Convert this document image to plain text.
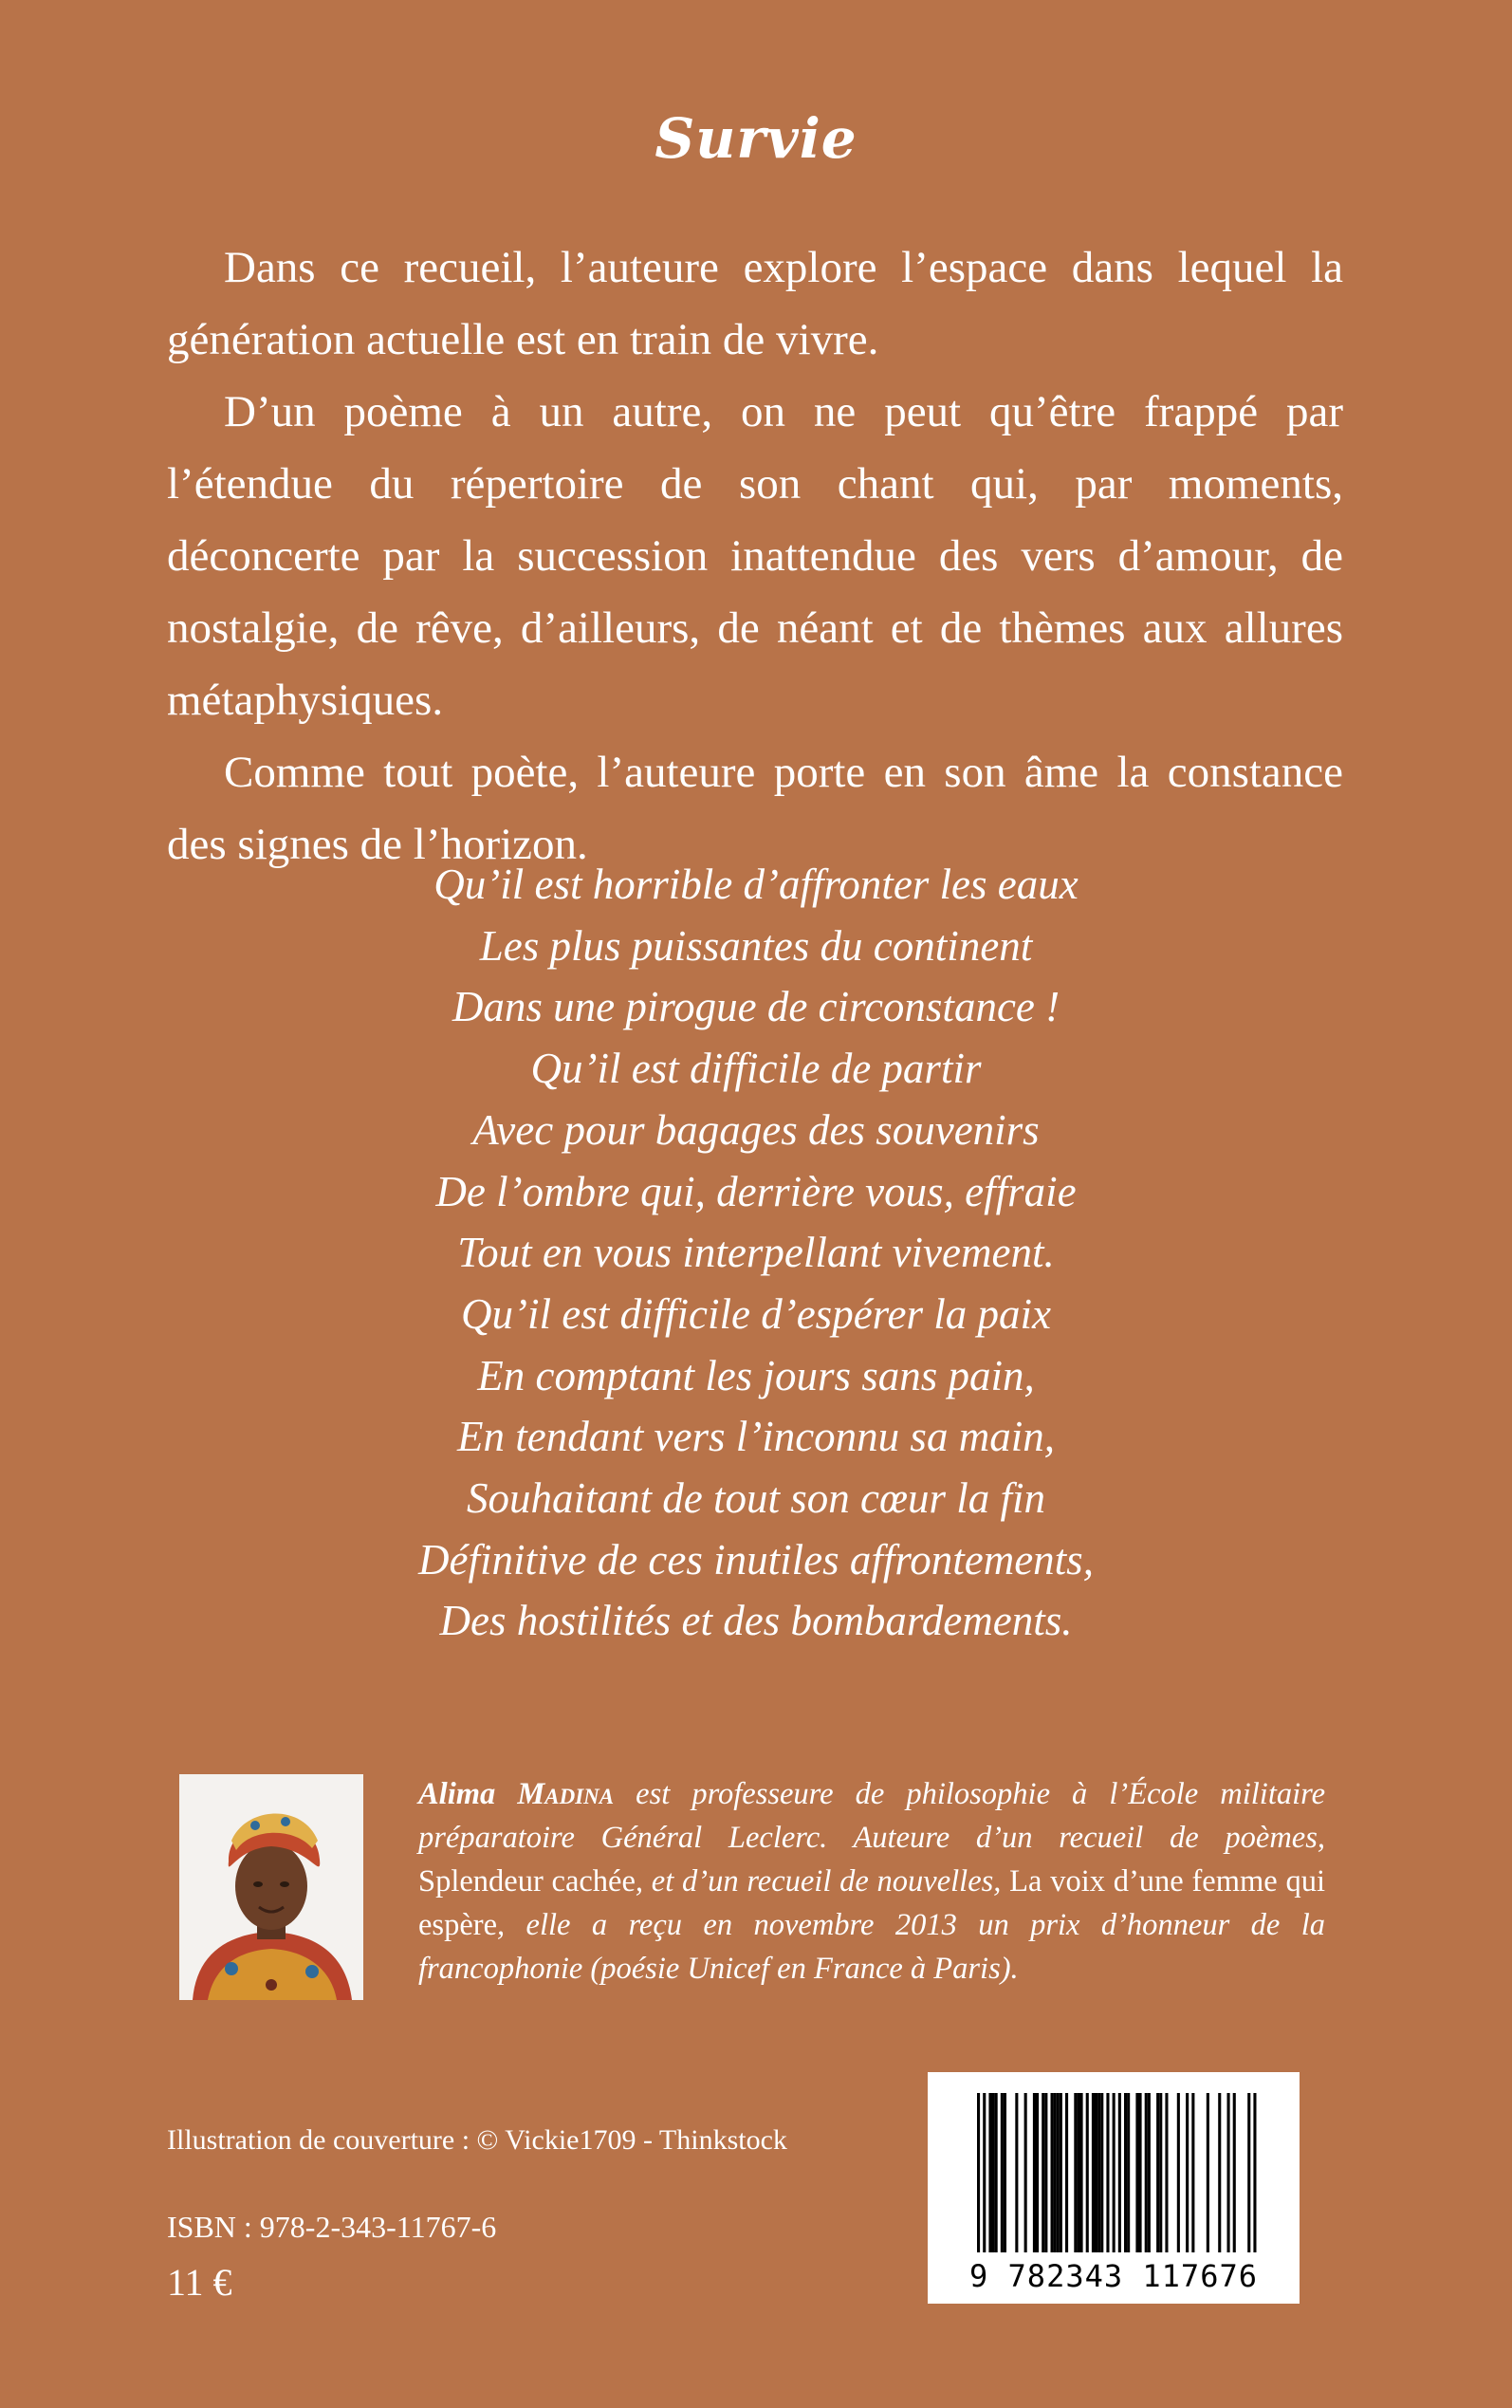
Survie

Dans ce recueil, l’auteure explore l’espace dans lequel la génération actuelle est en train de vivre.

D’un poème à un autre, on ne peut qu’être frappé par l’étendue du répertoire de son chant qui, par moments, déconcerte par la succession inattendue des vers d’amour, de nostalgie, de rêve, d’ailleurs, de néant et de thèmes aux allures métaphysiques.

Comme tout poète, l’auteure porte en son âme la constance des signes de l’horizon.

Qu’il est horrible d’affronter les eaux
Les plus puissantes du continent
Dans une pirogue de circonstance !
Qu’il est difficile de partir
Avec pour bagages des souvenirs
De l’ombre qui, derrière vous, effraie
Tout en vous interpellant vivement.
Qu’il est difficile d’espérer la paix
En comptant les jours sans pain,
En tendant vers l’inconnu sa main,
Souhaitant de tout son cœur la fin
Définitive de ces inutiles affrontements,
Des hostilités et des bombardements.
Alima Madina est professeure de philosophie à l’École militaire préparatoire Général Leclerc. Auteure d’un recueil de poèmes, Splendeur cachée, et d’un recueil de nouvelles, La voix d’une femme qui espère, elle a reçu en novembre 2013 un prix d’honneur de la francophonie (poésie Unicef en France à Paris).
Illustration de couverture : © Vickie1709 - Thinkstock
ISBN : 978-2-343-11767-6
11 €	9 782343 117676
